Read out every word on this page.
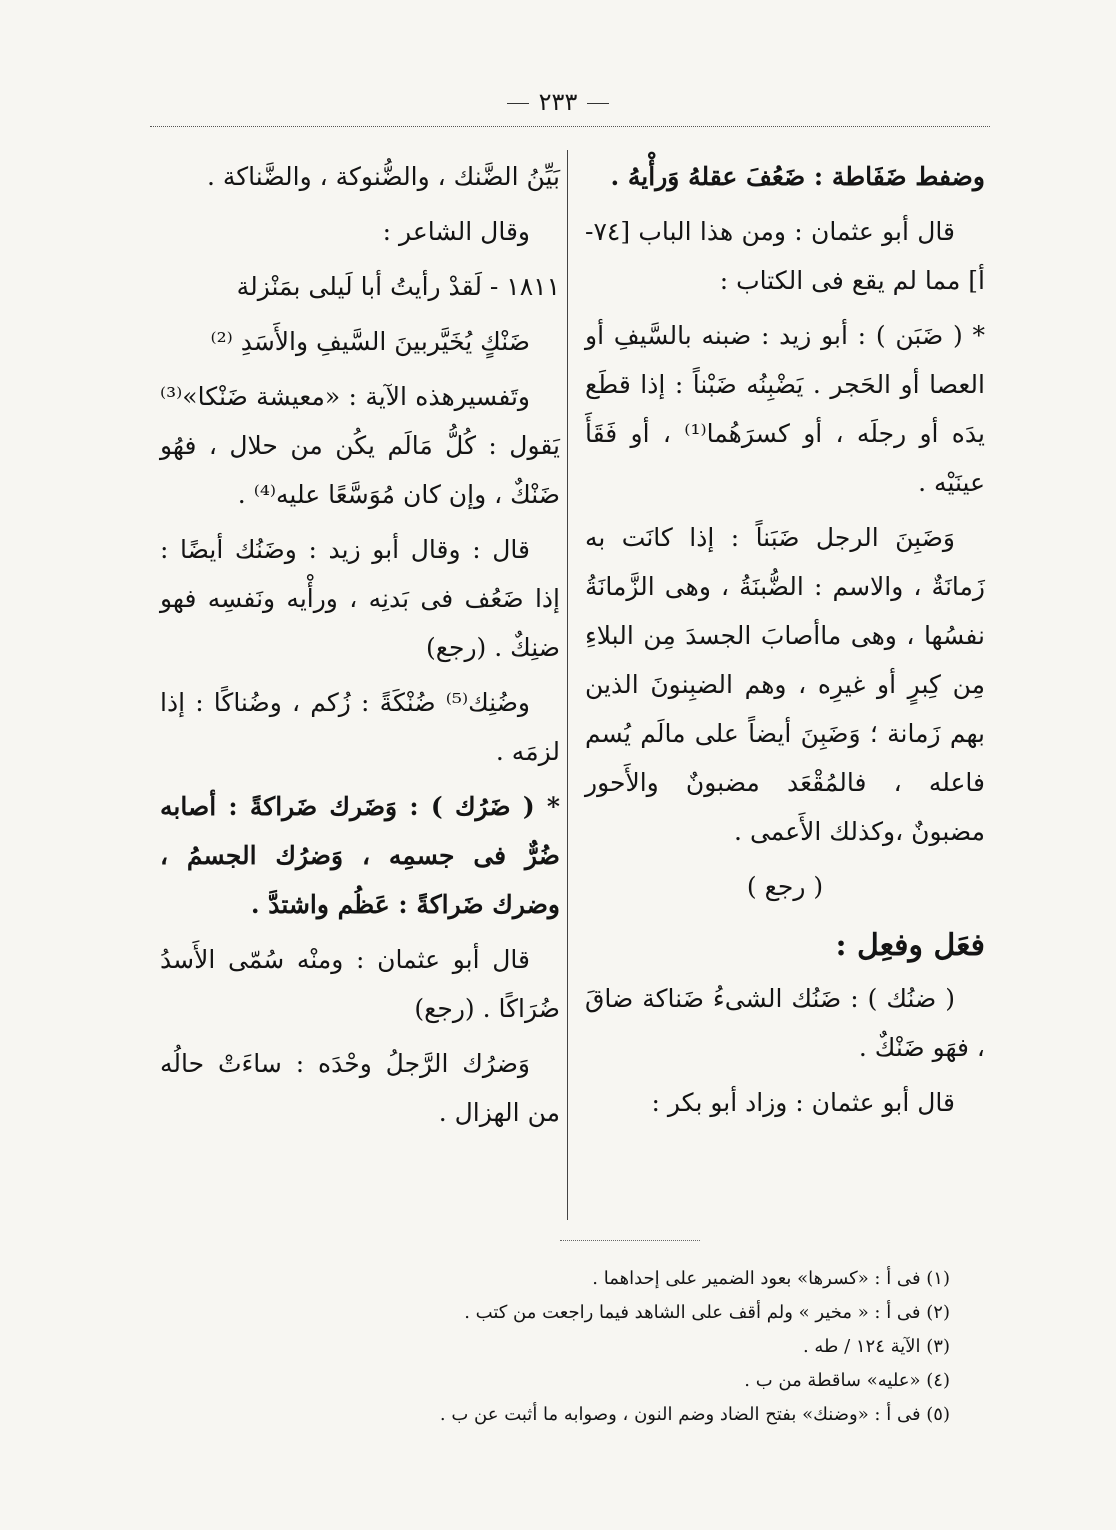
٢٣٣

وضفط ضَفَاطة : ضَعُفَ عقلهُ وَرأْيهُ .

قال أبو عثمان : ومن هذا الباب [٧٤-أ] مما لم يقع فى الكتاب :

* ( ضَبَن ) : أبو زيد : ضبنه بالسَّيفِ أو العصا أو الحَجر . يَضْبِنُه ضَبْناً : إذا قطَع يدَه أو رجلَه ، أو كسرَهُما⁽¹⁾ ، أو فَقَأَ عينَيْه .

وَضَبِنَ الرجل ضَبَناً : إذا كانَت به زَمانَةٌ ، والاسم : الضُّبنَةُ ، وهى الزَّمانَةُ نفسُها ، وهى ماأصابَ الجسدَ مِن البلاءِ مِن كِبرٍ أو غيرِه ، وهم الضبِنونَ الذين بهم زَمانة ؛ وَضَبِنَ أيضاً على مالَم يُسم فاعله ، فالمُقْعَد مضبونٌ والأَحور مضبونٌ ،وكذلك الأَعمى .

( رجع )

فعَل وفعِل :

( ضنُك ) : ضَنُك الشىءُ ضَناكة ضاقَ ، فهَو ضَنْكٌ .

قال أبو عثمان : وزاد أبو بكر :

بَيِّنُ الضَّنك ، والضُّنوكة ، والضَّناكة .

وقال الشاعر :

١٨١١ - لَقدْ رأيتُ أبا لَيلى بمَنْزلة

ضَنْكٍ يُخَيَّربينَ السَّيفِ والأَسَدِ ⁽²⁾

وتَفسيرهذه الآية : «معيشة ضَنْكا»⁽³⁾ يَقول : كُلُّ مَالَم يكُن من حلال ، فهُو ضَنْكٌ ، وإن كان مُوَسَّعًا عليه⁽⁴⁾ .

قال : وقال أبو زيد : وضَنُك أيضًا : إذا ضَعُف فى بَدنِه ، ورأْيه ونَفسِه فهو ضنِكٌ . (رجع)

وضُنِك⁽⁵⁾ ضُنْكَةً : زُكم ، وضُناكًا : إذا لزمَه .

* ( ضَرُك ) : وَضَرك ضَراكةً : أصابه ضُرٌّ فى جسمِه ، وَضرُك الجسمُ ، وضرك ضَراكةً : عَظُم واشتدَّ .

قال أبو عثمان : ومنْه سُمّى الأَسدُ ضُرَاكًا . (رجع)

وَضرُك الرَّجلُ وحْدَه : ساءَتْ حالُه من الهزال .

(١) فى أ : «كسرها» بعود الضمير على إحداهما .

(٢) فى أ : « مخير » ولم أقف على الشاهد فيما راجعت من كتب .

(٣) الآية ١٢٤ / طه .

(٤) «عليه» ساقطة من ب .

(٥) فى أ : «وضنك» بفتح الضاد وضم النون ، وصوابه ما أثبت عن ب .
